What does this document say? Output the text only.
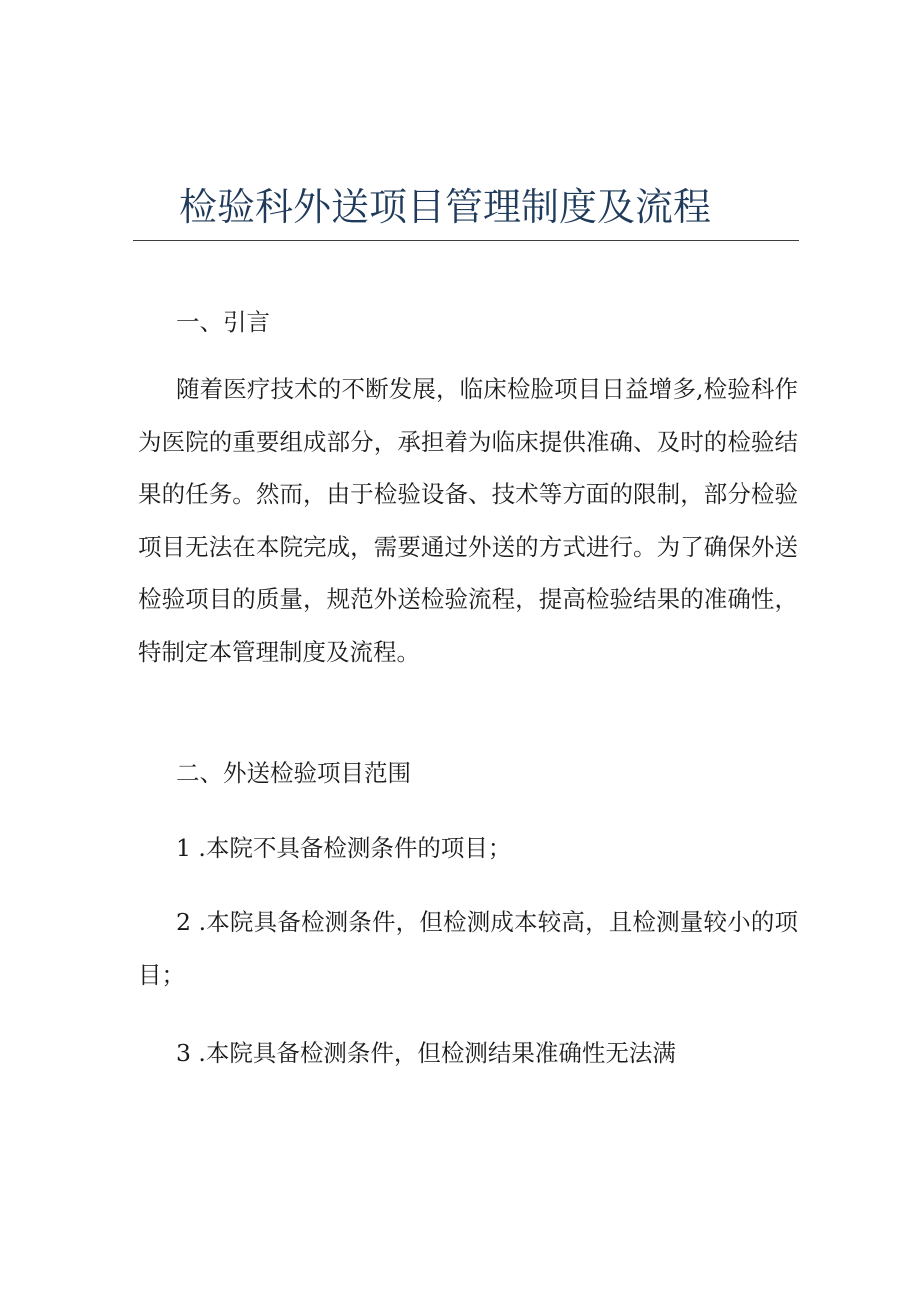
检验科外送项目管理制度及流程

一、引言

随着医疗技术的不断发展，临床检脸项目日益增多,检验科作为医院的重要组成部分，承担着为临床提供准确、及时的检验结果的任务。然而，由于检验设备、技术等方面的限制，部分检验项目无法在本院完成，需要通过外送的方式进行。为了确保外送检验项目的质量，规范外送检验流程，提高检验结果的准确性，特制定本管理制度及流程。

二、外送检验项目范围

1 .本院不具备检测条件的项目；

2 .本院具备检测条件，但检测成本较高，且检测量较小的项目；

3 .本院具备检测条件，但检测结果准确性无法满
